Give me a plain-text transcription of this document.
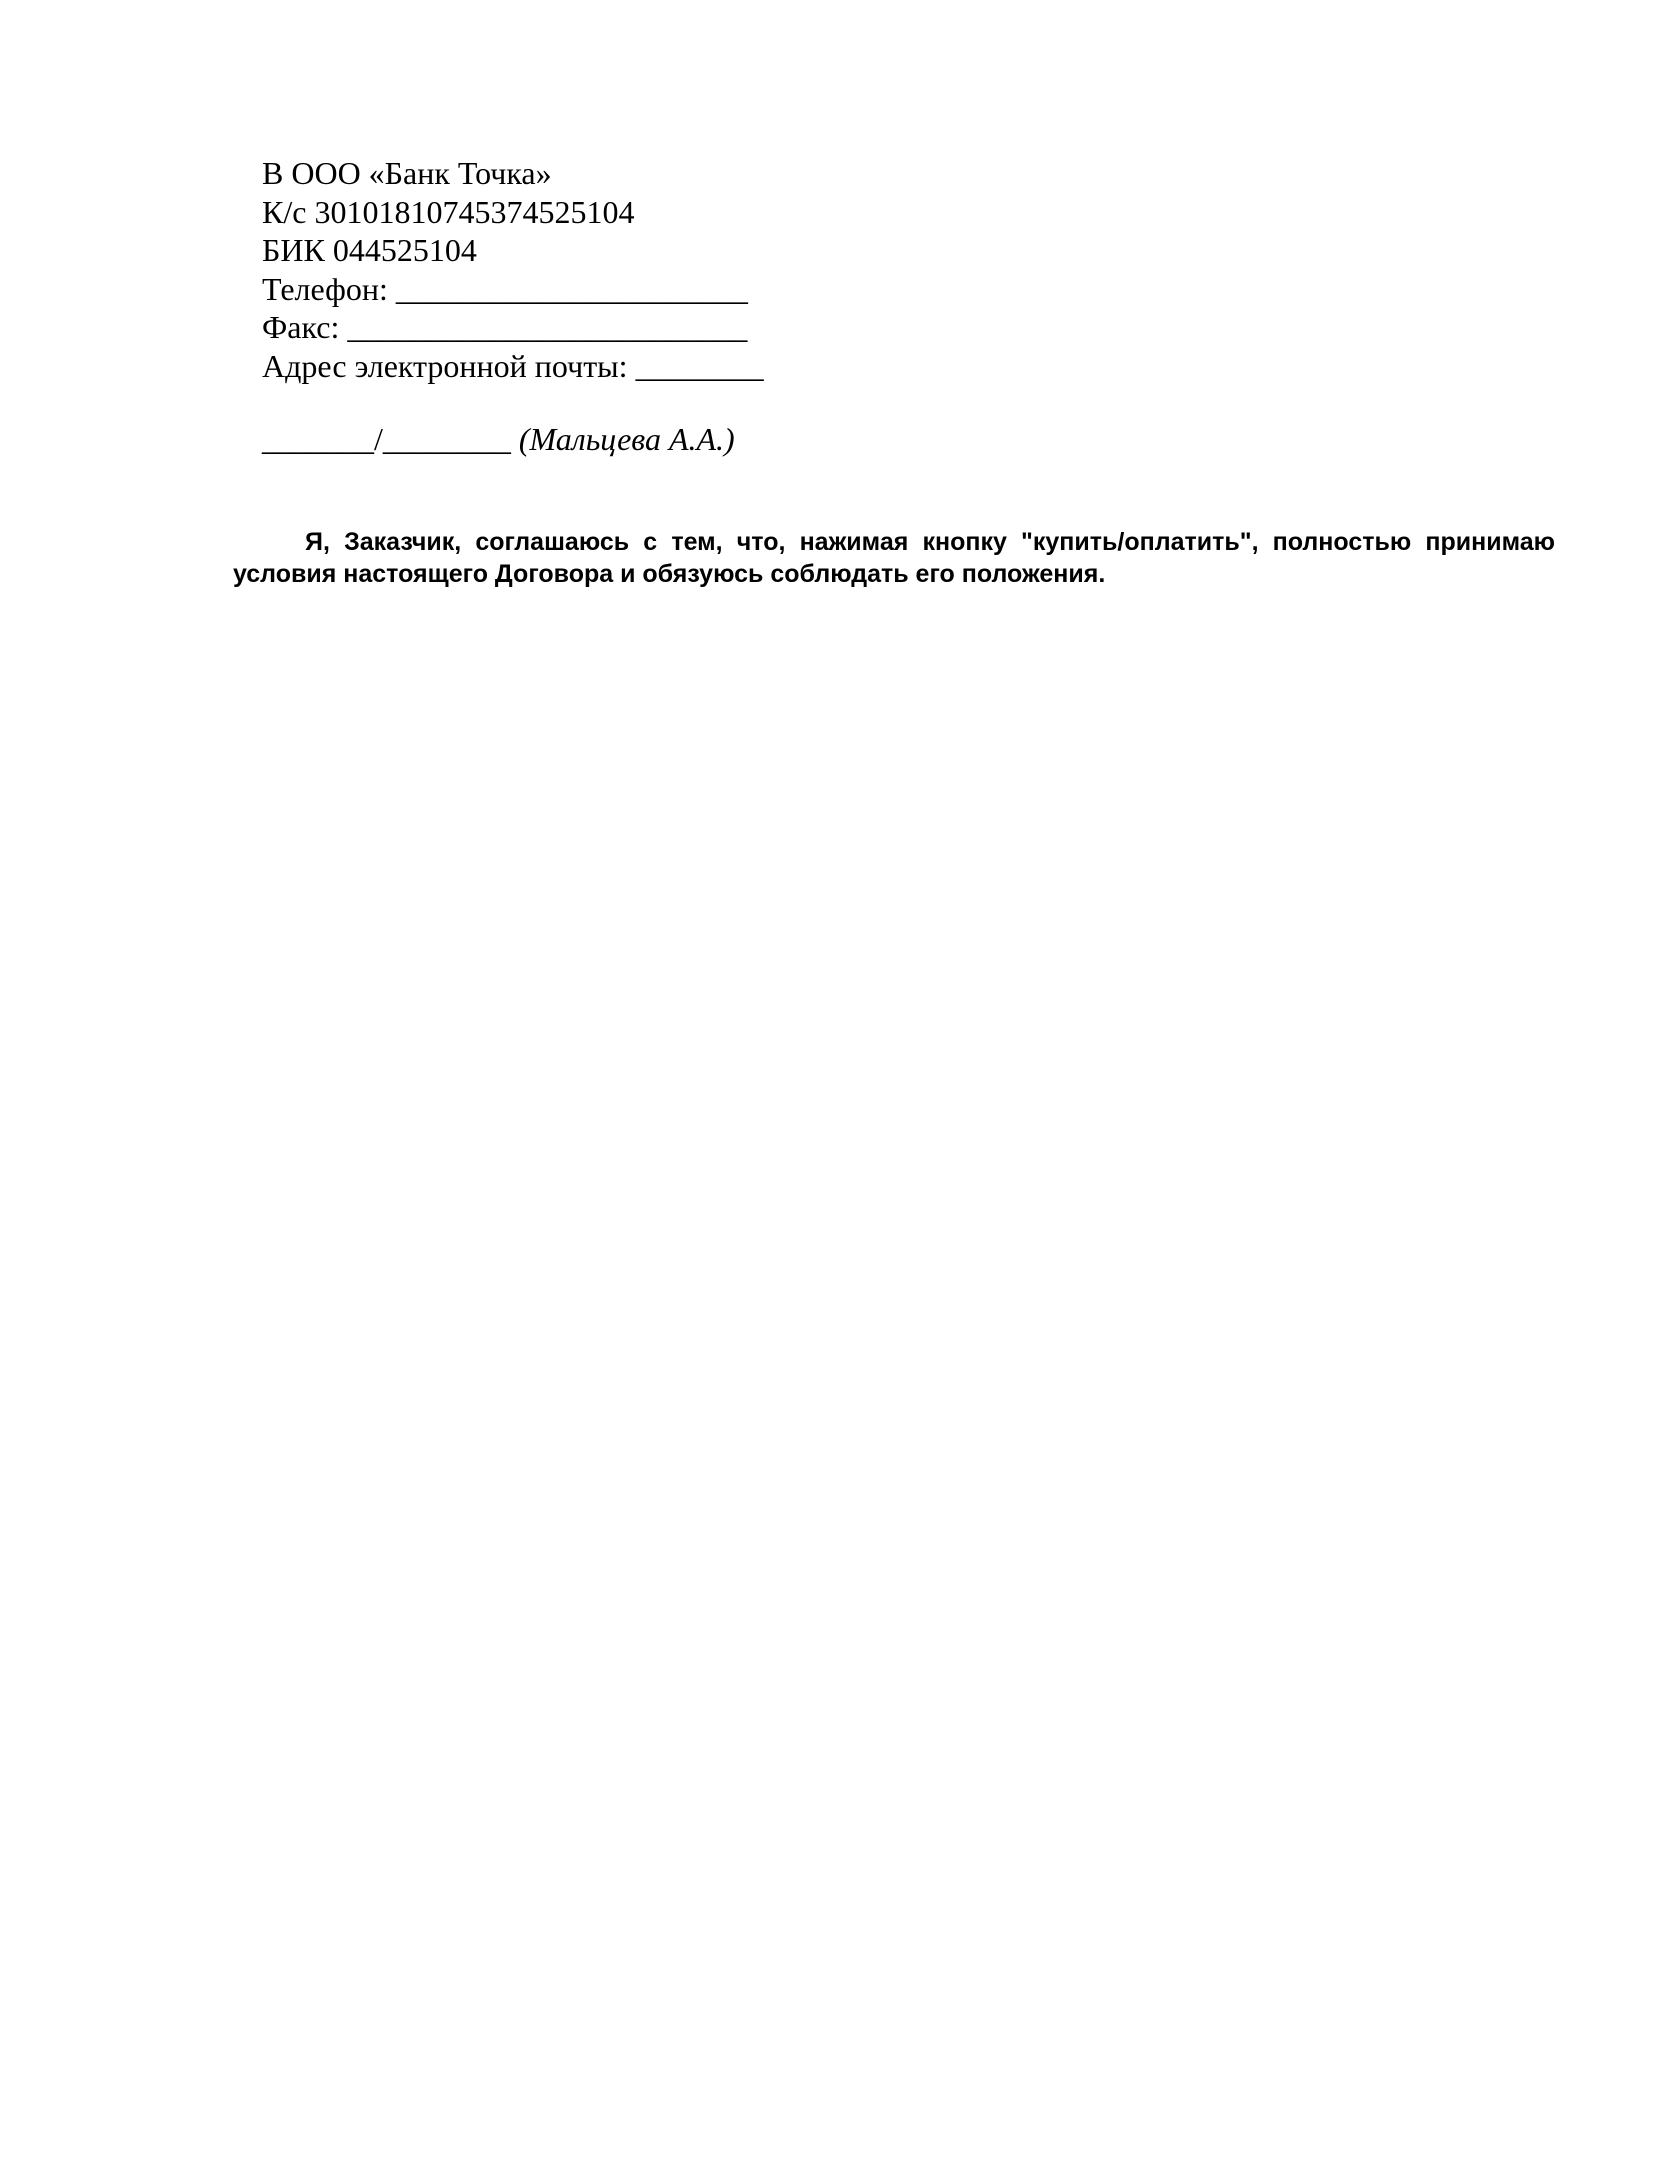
В ООО «Банк Точка»
К/с 30101810745374525104
БИК 044525104
Телефон: ______________________
Факс: _________________________
Адрес электронной почты: ________
_______/________ (Мальцева А.А.)

Я, Заказчик, соглашаюсь с тем, что, нажимая кнопку "купить/оплатить", полностью принимаю условия настоящего Договора и обязуюсь соблюдать его положения.
